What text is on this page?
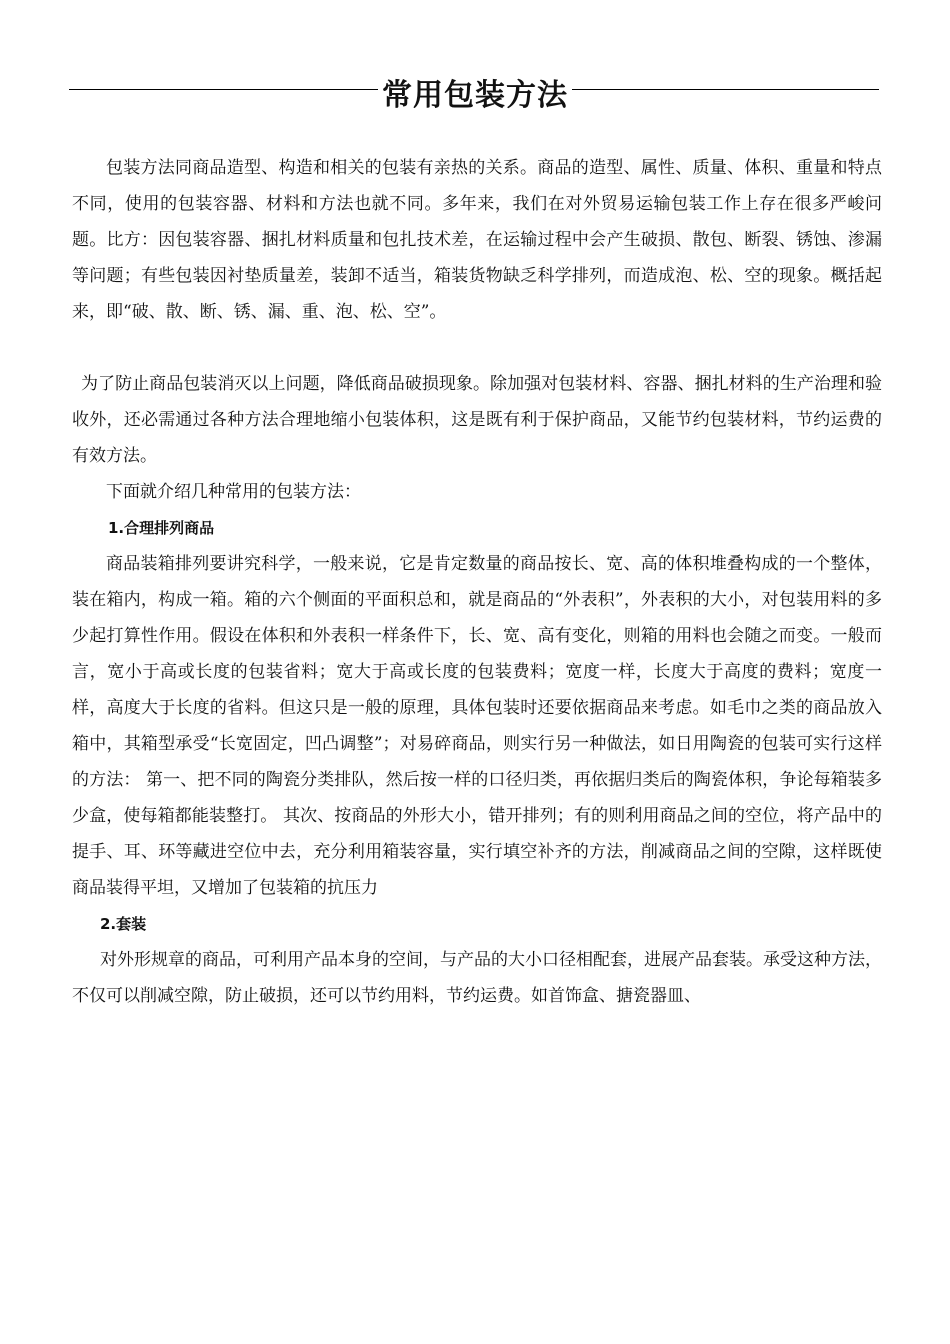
常用包装方法

包装方法同商品造型、构造和相关的包装有亲热的关系。商品的造型、属性、质量、体积、重量和特点不同，使用的包装容器、材料和方法也就不同。多年来，我们在对外贸易运输包装工作上存在很多严峻问题。比方：因包装容器、捆扎材料质量和包扎技术差，在运输过程中会产生破损、散包、断裂、锈蚀、渗漏等问题；有些包装因衬垫质量差，装卸不适当，箱装货物缺乏科学排列，而造成泡、松、空的现象。概括起来，即“破、散、断、锈、漏、重、泡、松、空”。

为了防止商品包装消灭以上问题，降低商品破损现象。除加强对包装材料、容器、捆扎材料的生产治理和验收外，还必需通过各种方法合理地缩小包装体积，这是既有利于保护商品，又能节约包装材料，节约运费的有效方法。

下面就介绍几种常用的包装方法：

1.合理排列商品

商品装箱排列要讲究科学，一般来说，它是肯定数量的商品按长、宽、高的体积堆叠构成的一个整体，装在箱内，构成一箱。箱的六个侧面的平面积总和，就是商品的“外表积”，外表积的大小，对包装用料的多少起打算性作用。假设在体积和外表积一样条件下，长、宽、高有变化，则箱的用料也会随之而变。一般而言，宽小于高或长度的包装省料；宽大于高或长度的包装费料；宽度一样，长度大于高度的费料；宽度一样，高度大于长度的省料。但这只是一般的原理，具体包装时还要依据商品来考虑。如毛巾之类的商品放入箱中，其箱型承受“长宽固定，凹凸调整”；对易碎商品，则实行另一种做法，如日用陶瓷的包装可实行这样的方法： 第一、把不同的陶瓷分类排队，然后按一样的口径归类，再依据归类后的陶瓷体积，争论每箱装多少盒，使每箱都能装整打。 其次、按商品的外形大小，错开排列；有的则利用商品之间的空位，将产品中的提手、耳、环等藏进空位中去，充分利用箱装容量，实行填空补齐的方法，削减商品之间的空隙，这样既使商品装得平坦，又增加了包装箱的抗压力

2.套装

对外形规章的商品，可利用产品本身的空间，与产品的大小口径相配套，进展产品套装。承受这种方法，不仅可以削减空隙，防止破损，还可以节约用料，节约运费。如首饰盒、搪瓷器皿、
